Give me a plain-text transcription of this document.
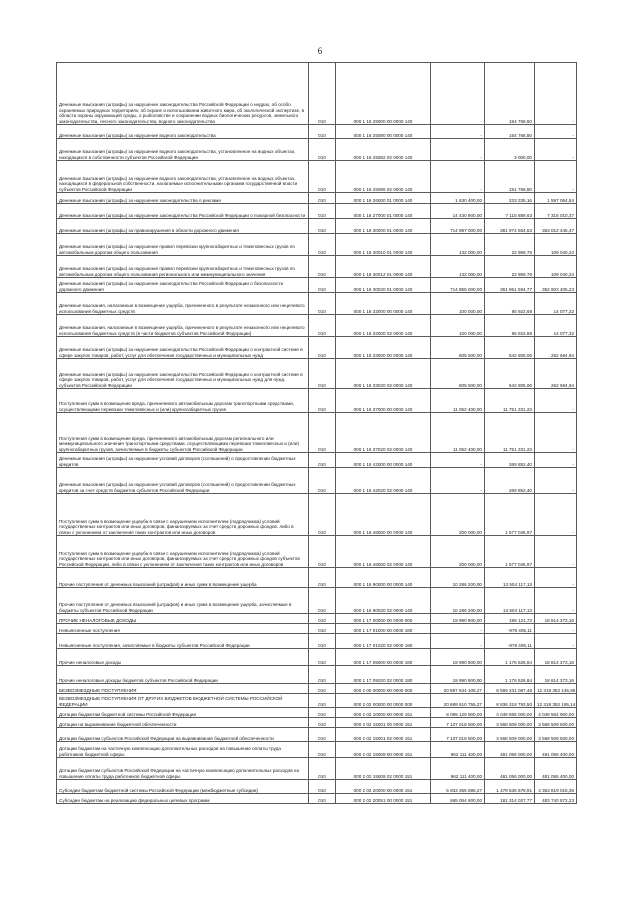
6
Денежные взыскания (штрафы) за нарушение законодательства Российской Федерации о недрах, об особо охраняемых природных территориях, об охране и использовании животного мира, об экологической экспертизе, в области охраны окружающей среды, о рыболовстве и сохранении водных биологических ресурсов, земельного законодательства, лесного законодательства, водного законодательства	010	000 1 16 25000 00 0000 140	-	154 768,50	-
Денежные взыскания (штрафы) за нарушение водного законодательства	010	000 1 16 25080 00 0000 140	-	154 768,50	-
Денежные взыскания (штрафы) за нарушение водного законодательства, установленное на водных объектах, находящихся в собственности субъектов Российской Федерации	010	000 1 16 25082 02 0000 140	-	3 000,00	-
Денежные взыскания (штрафы) за нарушение водного законодательства, установленное на водных объектах, находящихся в федеральной собственности, налагаемые исполнительными органами государственной власти субъектов Российской Федерации	010	000 1 16 25086 02 0000 140	-	151 768,50	-
Денежные взыскания (штрафы) за нарушение законодательства о рекламе	010	000 1 16 26000 01 0000 140	1 630 400,00	233 335,16	1 597 064,84
Денежные взыскания (штрафы) за нарушение законодательства Российской Федерации о пожарной безопасности	010	000 1 16 27000 01 0000 140	14 430 900,00	7 115 889,63	7 315 010,37
Денежные взыскания (штрафы) за правонарушения в области дорожного движения	010	000 1 16 30000 01 0000 140	714 987 000,00	361 974 554,53	353 012 445,47
Денежные взыскания (штрафы) за нарушение правил перевозки крупногабаритных и тяжеловесных грузов по автомобильным дорогам общего пользования	010	000 1 16 30010 01 0000 140	132 000,00	22 959,76	109 040,24
Денежные взыскания (штрафы) за нарушение правил перевозки крупногабаритных и тяжеловесных грузов по автомобильным дорогам общего пользования регионального или межмуниципального значения	010	000 1 16 30012 01 0000 140	132 000,00	22 959,76	109 040,24
Денежные взыскания (штрафы) за нарушение законодательства Российской Федерации о безопасности дорожного движения	010	000 1 16 30020 01 0000 140	714 855 000,00	361 951 594,77	352 903 405,23
Денежные взыскания, налагаемые в возмещение ущерба, причиненного в результате незаконного или нецелевого использования бюджетных средств	010	000 1 16 32000 00 0000 140	100 000,00	85 922,68	14 077,32
Денежные взыскания, налагаемые в возмещение ущерба, причиненного в результате незаконного или нецелевого использования бюджетных средств (в части бюджетов субъектов Российской Федерации)	010	000 1 16 32000 02 0000 140	100 000,00	85 922,68	14 077,32
Денежные взыскания (штрафы) за нарушение законодательства Российской Федерации о контрактной системе в сфере закупок товаров, работ, услуг для обеспечения государственных и муниципальных нужд	010	000 1 16 33000 00 0000 140	805 500,00	542 805,06	262 694,94
Денежные взыскания (штрафы) за нарушение законодательства Российской Федерации о контрактной системе в сфере закупок товаров, работ, услуг для обеспечения государственных и муниципальных нужд для нужд субъектов Российской Федерации	010	000 1 16 33020 02 0000 140	805 500,00	542 805,06	262 694,94
Поступления сумм в возмещение вреда, причиняемого автомобильным дорогам транспортными средствами, осуществляющими перевозки тяжеловесных и (или) крупногабаритных грузов	010	000 1 16 37000 00 0000 140	11 052 400,00	11 751 331,23	-
Поступления сумм в возмещение вреда, причиняемого автомобильным дорогам регионального или межмуниципального значения транспортными средствами, осуществляющими перевозки тяжеловесных и (или) крупногабаритных грузов, зачисляемые в бюджеты субъектов Российской Федерации	010	000 1 16 37020 02 0000 140	11 052 400,00	11 751 331,23	-
Денежные взыскания (штрафы) за нарушение условий договоров (соглашений) о предоставлении бюджетных кредитов	010	000 1 16 42000 00 0000 140	-	269 852,40	-
Денежные взыскания (штрафы) за нарушение условий договоров (соглашений) о предоставлении бюджетных кредитов за счет средств бюджетов субъектов Российской Федерации	010	000 1 16 42020 02 0000 140	-	269 852,40	-
Поступления сумм в возмещение ущерба в связи с нарушением исполнителем (подрядчиком) условий государственных контрактов или иных договоров, финансируемых за счет средств дорожных фондов, либо в связи с уклонением от заключения таких контрактов или иных договоров	010	000 1 16 46000 00 0000 140	200 000,00	1 577 046,97	-
Поступления сумм в возмещение ущерба в связи с нарушением исполнителем (подрядчиком) условий государственных контрактов или иных договоров, финансируемых за счет средств дорожных фондов субъектов Российской Федерации, либо в связи с уклонением от заключения таких контрактов или иных договоров	010	000 1 16 46000 02 0000 140	200 000,00	1 577 046,97	-
Прочие поступления от денежных взысканий (штрафов) и иных сумм в возмещение ущерба	010	000 1 16 90000 00 0000 140	10 286 200,00	13 504 117,13	-
Прочие поступления от денежных взысканий (штрафов) и иных сумм в возмещение ущерба, зачисляемые в бюджеты субъектов Российской Федерации	010	000 1 16 90020 02 0000 140	10 286 200,00	13 504 117,13	-
ПРОЧИЕ НЕНАЛОГОВЫЕ ДОХОДЫ	010	000 1 17 00000 00 0000 000	19 990 900,00	198 121,73	18 814 373,16
Невыясненные поступления	010	000 1 17 01000 00 0000 180	-	-978 405,11	-
Невыясненные поступления, зачисляемые в бюджеты субъектов Российской Федерации	010	000 1 17 01020 02 0000 180	-	-978 405,11	-
Прочие неналоговые доходы	010	000 1 17 05000 00 0000 180	19 990 900,00	1 176 526,84	18 814 373,16
Прочие неналоговые доходы бюджетов субъектов Российской Федерации	010	000 1 17 05020 02 0000 180	19 990 900,00	1 176 526,84	18 814 373,16
БЕЗВОЗМЕЗДНЫЕ ПОСТУПЛЕНИЯ	010	000 2 00 00000 00 0000 000	20 887 634 105,27	8 569 231 087,48	12 318 353 145,85
БЕЗВОЗМЕЗДНЫЕ ПОСТУПЛЕНИЯ ОТ ДРУГИХ БЮДЖЕТОВ БЮДЖЕТНОЙ СИСТЕМЫ РОССИЙСКОЙ ФЕДЕРАЦИИ	010	000 2 02 00000 00 0000 000	20 889 610 755,27	8 836 318 793,50	12 318 353 195,14
Дотации бюджетам бюджетной системы Российской Федерации	010	000 2 02 10000 00 0000 151	8 099 129 900,00	4 049 565 000,00	4 049 564 900,00
Дотации на выравнивание бюджетной обеспеченности	010	000 2 02 15001 00 0000 151	7 137 018 500,00	3 568 509 000,00	3 568 509 500,00
Дотации бюджетам субъектов Российской Федерации на выравнивание бюджетной обеспеченности	010	000 2 02 15001 02 0000 151	7 137 018 500,00	3 568 509 000,00	3 568 509 500,00
Дотации бюджетам на частичную компенсацию дополнительных расходов на повышение оплаты труда работников бюджетной сферы	010	000 2 02 15009 00 0000 151	962 111 400,00	481 056 000,00	481 055 400,00
Дотации бюджетам субъектов Российской Федерации на частичную компенсацию дополнительных расходов на повышение оплаты труда работников бюджетной сферы	010	000 2 02 15009 02 0000 151	962 111 400,00	481 056 000,00	481 055 400,00
Субсидии бюджетам бюджетной системы Российской Федерации (межбюджетные субсидии)	010	000 2 02 20000 00 0000 151	5 833 355 595,27	1 479 536 579,91	4 353 819 015,36
Субсидии бюджетам на реализацию федеральных целевых программ	010	000 2 02 20051 00 0000 151	665 054 600,00	181 314 027,77	483 740 572,23
